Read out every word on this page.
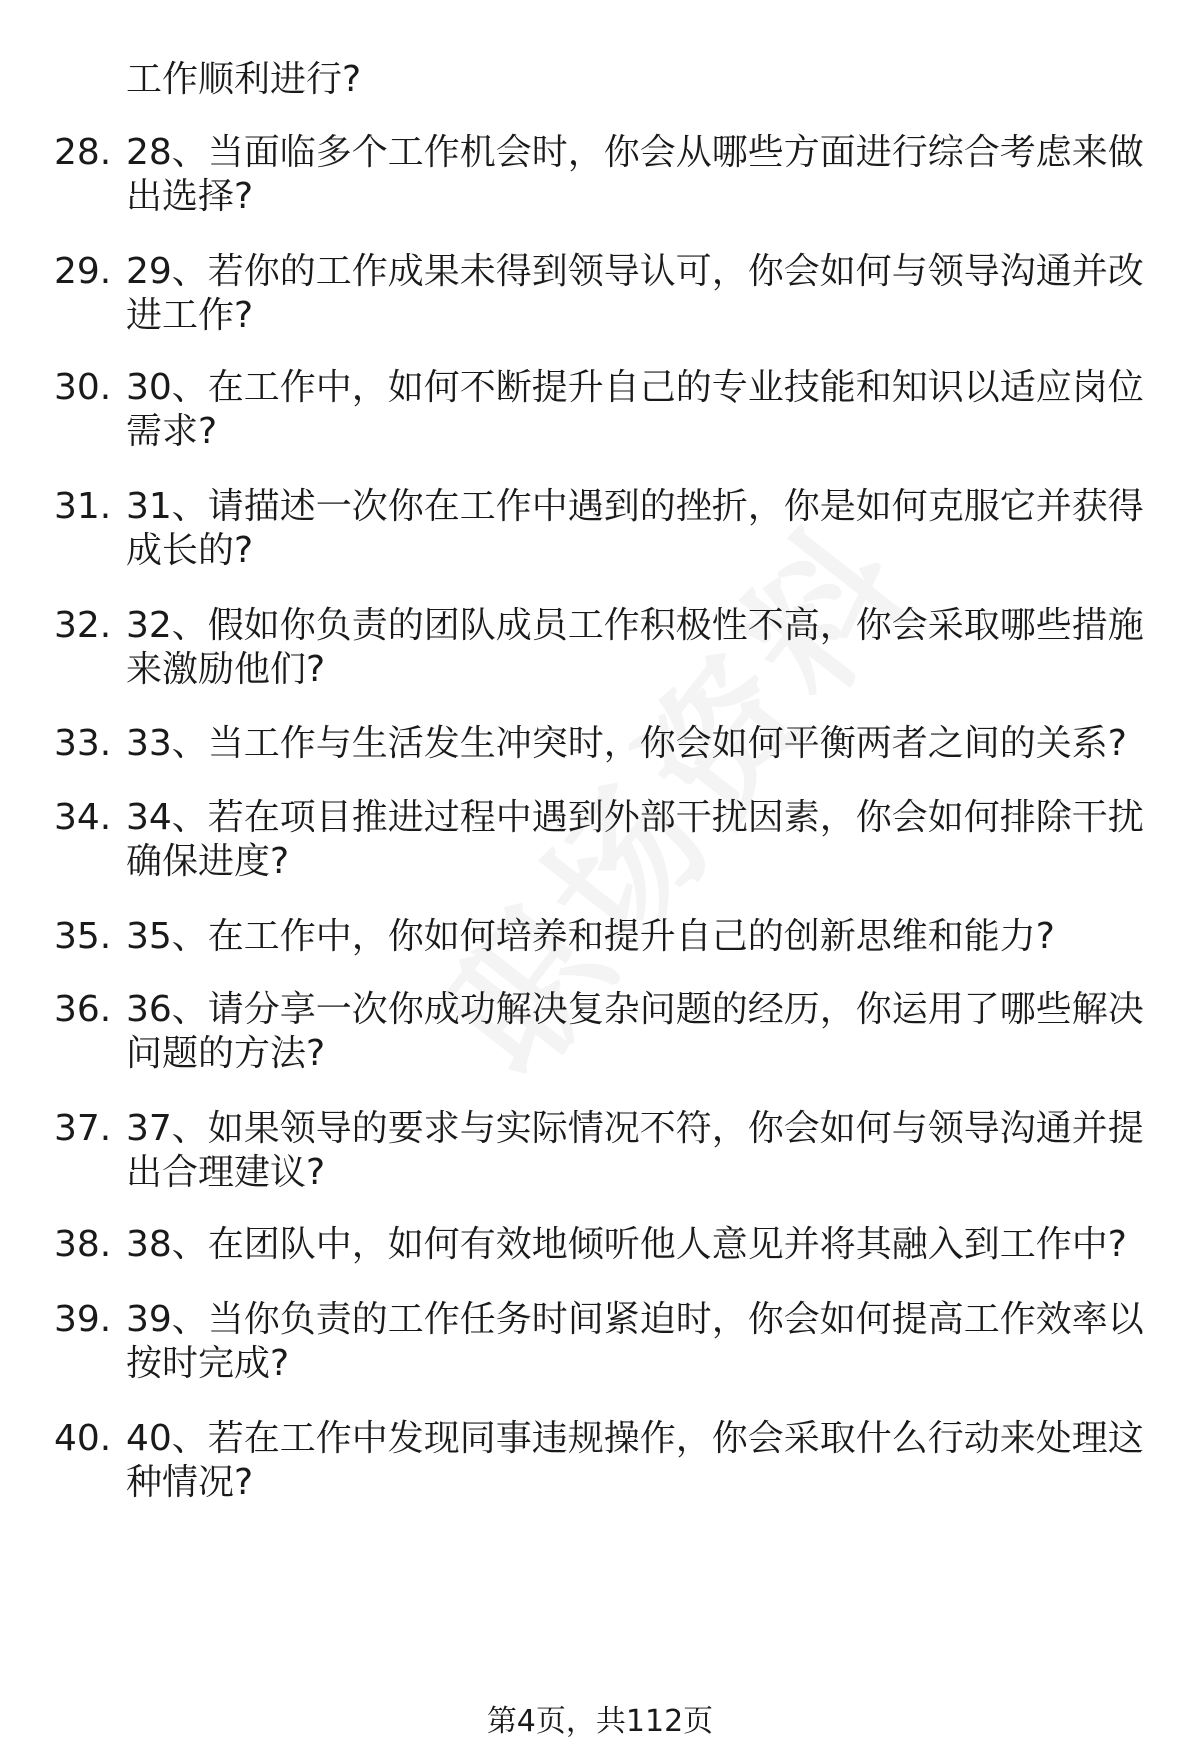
工作顺利进行?
28. 28、当面临多个工作机会时，你会从哪些方面进行综合考虑来做
出选择?
29. 29、若你的工作成果未得到领导认可，你会如何与领导沟通并改
进工作?
30. 30、在工作中，如何不断提升自己的专业技能和知识以适应岗位
需求?
31. 31、请描述一次你在工作中遇到的挫折，你是如何克服它并获得
成长的?
32. 32、假如你负责的团队成员工作积极性不高，你会采取哪些措施
来激励他们?
33. 33、当工作与生活发生冲突时，你会如何平衡两者之间的关系?
34. 34、若在项目推进过程中遇到外部干扰因素，你会如何排除干扰
确保进度?
35. 35、在工作中，你如何培养和提升自己的创新思维和能力?
36. 36、请分享一次你成功解决复杂问题的经历，你运用了哪些解决
问题的方法?
37. 37、如果领导的要求与实际情况不符，你会如何与领导沟通并提
出合理建议?
38. 38、在团队中，如何有效地倾听他人意见并将其融入到工作中?
39. 39、当你负责的工作任务时间紧迫时，你会如何提高工作效率以
按时完成?
40. 40、若在工作中发现同事违规操作，你会采取什么行动来处理这
种情况?
第4页，共112页
